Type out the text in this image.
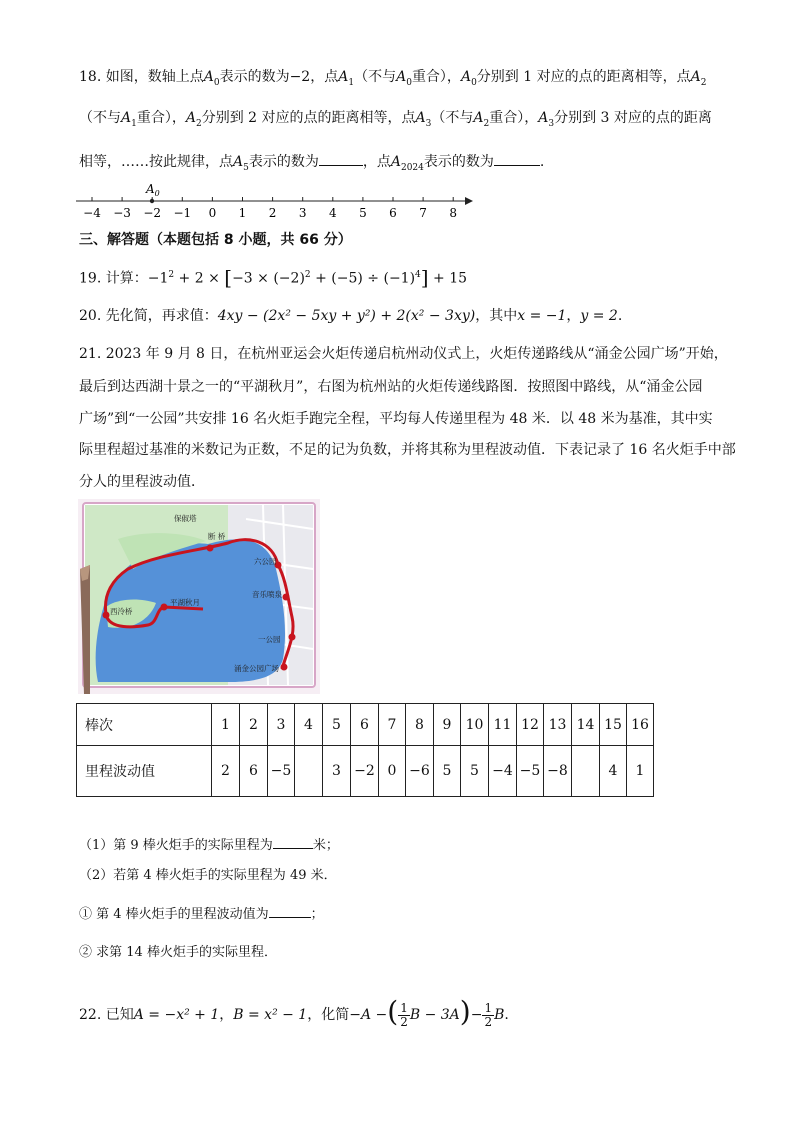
18. 如图，数轴上点$A_0$表示的数为−2，点$A_1$（不与$A_0$重合），$A_0$分别到 1 对应的点的距离相等，点$A_2$
（不与$A_1$重合），$A_2$分别到 2 对应的点的距离相等，点$A_3$（不与$A_2$重合），$A_3$分别到 3 对应的点的距离
相等，……按此规律，点$A_5$表示的数为	，点$A_{2024}$表示的数为	.
−4 −3 −2 −1 0 1 2 3 4 5 6 7 8
$A_0$
三、解答题（本题包括 8 小题，共 66 分）
19. 计算：$-1^2 + 2 \times [-3 \times (-2)^2 + (-5) \div (-1)^4] + 15$
20. 先化简，再求值：4xy − (2x² − 5xy + y²) + 2(x² − 3xy)，其中x = −1，y = 2.
21. 2023 年 9 月 8 日，在杭州亚运会火炬传递启杭州动仪式上，火炬传递路线从“涌金公园广场”开始，
最后到达西湖十景之一的“平湖秋月”，右图为杭州站的火炬传递线路图．按照图中路线，从“涌金公园
广场”到“一公园”共安排 16 名火炬手跑完全程，平均每人传递里程为 48 米．以 48 米为基准，其中实
际里程超过基准的米数记为正数，不足的记为负数，并将其称为里程波动值．下表记录了 16 名火炬手中部
分人的里程波动值．
保俶塔
断 桥
六公园
音乐喷泉
西泠桥
平湖秋月
一公园
涌金公园广场
棒次	1	2	3	4	5	6	7	8	9	10	11	12	13	14	15	16
里程波动值	2	6	−5		3	−2	0	−6	5	5	−4	−5	−8		4	1
（1）第 9 棒火炬手的实际里程为	米；
（2）若第 4 棒火炬手的实际里程为 49 米．
① 第 4 棒火炬手的里程波动值为	；
② 求第 14 棒火炬手的实际里程．
22. 已知A = −x² + 1，B = x² − 1，化简−A −( $\frac{1}{2}$ $B - 3A)- \frac{1}{2} B$.
